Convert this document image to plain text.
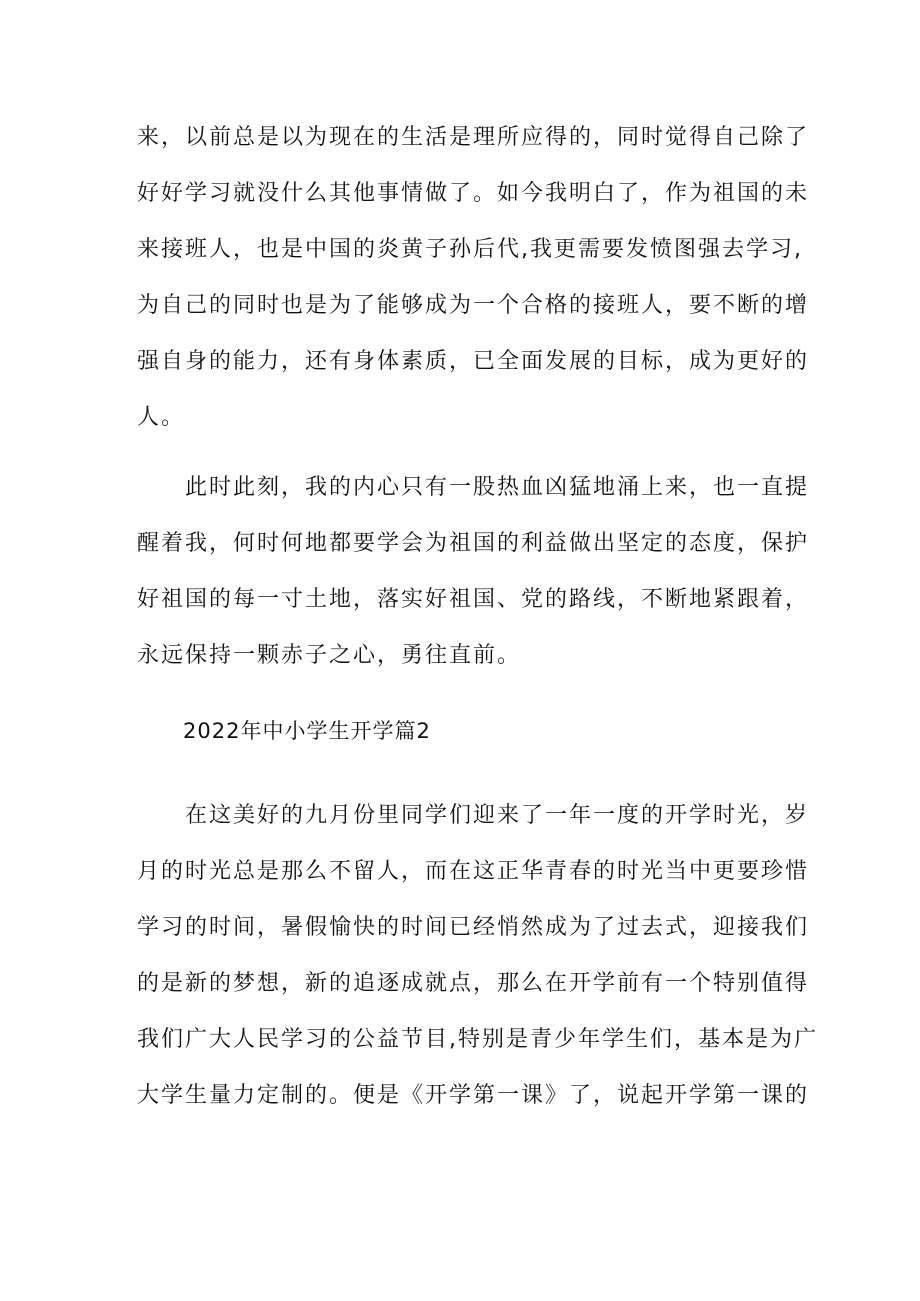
来，以前总是以为现在的生活是理所应得的，同时觉得自己除了
好好学习就没什么其他事情做了。如今我明白了，作为祖国的未
来接班人，也是中国的炎黄子孙后代,我更需要发愤图强去学习,
为自己的同时也是为了能够成为一个合格的接班人，要不断的增
强自身的能力，还有身体素质，已全面发展的目标，成为更好的
人。
　　此时此刻，我的内心只有一股热血凶猛地涌上来，也一直提
醒着我，何时何地都要学会为祖国的利益做出坚定的态度，保护
好祖国的每一寸土地，落实好祖国、党的路线，不断地紧跟着，
永远保持一颗赤子之心，勇往直前。
2022年中小学生开学篇2
　　在这美好的九月份里同学们迎来了一年一度的开学时光，岁
月的时光总是那么不留人，而在这正华青春的时光当中更要珍惜
学习的时间，暑假愉快的时间已经悄然成为了过去式，迎接我们
的是新的梦想，新的追逐成就点，那么在开学前有一个特别值得
我们广大人民学习的公益节目,特别是青少年学生们，基本是为广
大学生量力定制的。便是《开学第一课》了，说起开学第一课的
